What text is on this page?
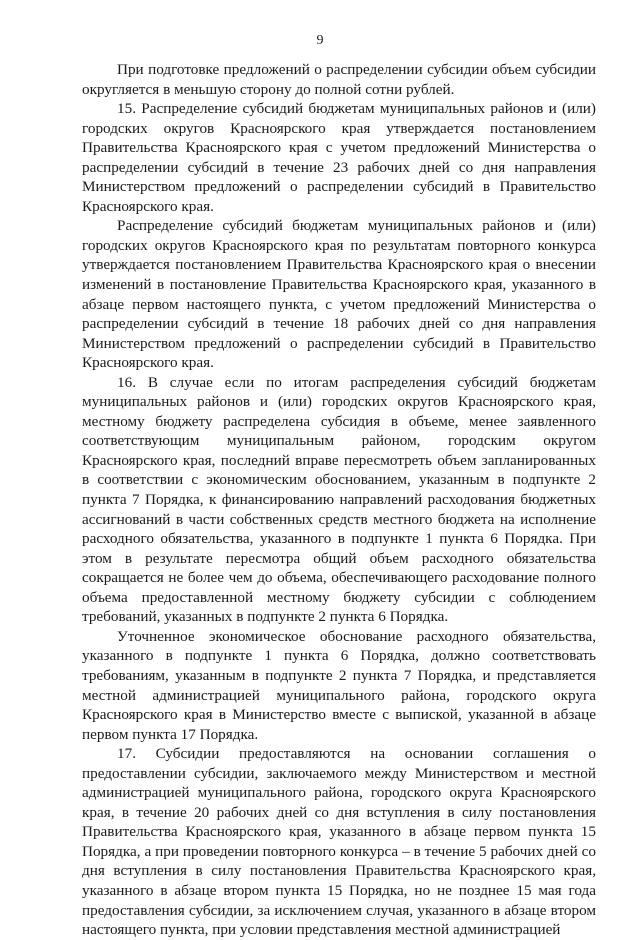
9

При подготовке предложений о распределении субсидии объем субсидии округляется в меньшую сторону до полной сотни рублей.

15. Распределение субсидий бюджетам муниципальных районов и (или) городских округов Красноярского края утверждается постановлением Правительства Красноярского края с учетом предложений Министерства о распределении субсидий в течение 23 рабочих дней со дня направления Министерством предложений о распределении субсидий в Правительство Красноярского края.

Распределение субсидий бюджетам муниципальных районов и (или) городских округов Красноярского края по результатам повторного конкурса утверждается постановлением Правительства Красноярского края о внесении изменений в постановление Правительства Красноярского края, указанного в абзаце первом настоящего пункта, с учетом предложений Министерства о распределении субсидий в течение 18 рабочих дней со дня направления Министерством предложений о распределении субсидий в Правительство Красноярского края.

16. В случае если по итогам распределения субсидий бюджетам муниципальных районов и (или) городских округов Красноярского края, местному бюджету распределена субсидия в объеме, менее заявленного соответствующим муниципальным районом, городским округом Красноярского края, последний вправе пересмотреть объем запланированных в соответствии с экономическим обоснованием, указанным в подпункте 2 пункта 7 Порядка, к финансированию направлений расходования бюджетных ассигнований в части собственных средств местного бюджета на исполнение расходного обязательства, указанного в подпункте 1 пункта 6 Порядка. При этом в результате пересмотра общий объем расходного обязательства сокращается не более чем до объема, обеспечивающего расходование полного объема предоставленной местному бюджету субсидии с соблюдением требований, указанных в подпункте 2 пункта 6 Порядка.

Уточненное экономическое обоснование расходного обязательства, указанного в подпункте 1 пункта 6 Порядка, должно соответствовать требованиям, указанным в подпункте 2 пункта 7 Порядка, и представляется местной администрацией муниципального района, городского округа Красноярского края в Министерство вместе с выпиской, указанной в абзаце первом пункта 17 Порядка.

17. Субсидии предоставляются на основании соглашения о предоставлении субсидии, заключаемого между Министерством и местной администрацией муниципального района, городского округа Красноярского края, в течение 20 рабочих дней со дня вступления в силу постановления Правительства Красноярского края, указанного в абзаце первом пункта 15 Порядка, а при проведении повторного конкурса – в течение 5 рабочих дней со дня вступления в силу постановления Правительства Красноярского края, указанного в абзаце втором пункта 15 Порядка, но не позднее 15 мая года предоставления субсидии, за исключением случая, указанного в абзаце втором настоящего пункта, при условии представления местной администрацией
